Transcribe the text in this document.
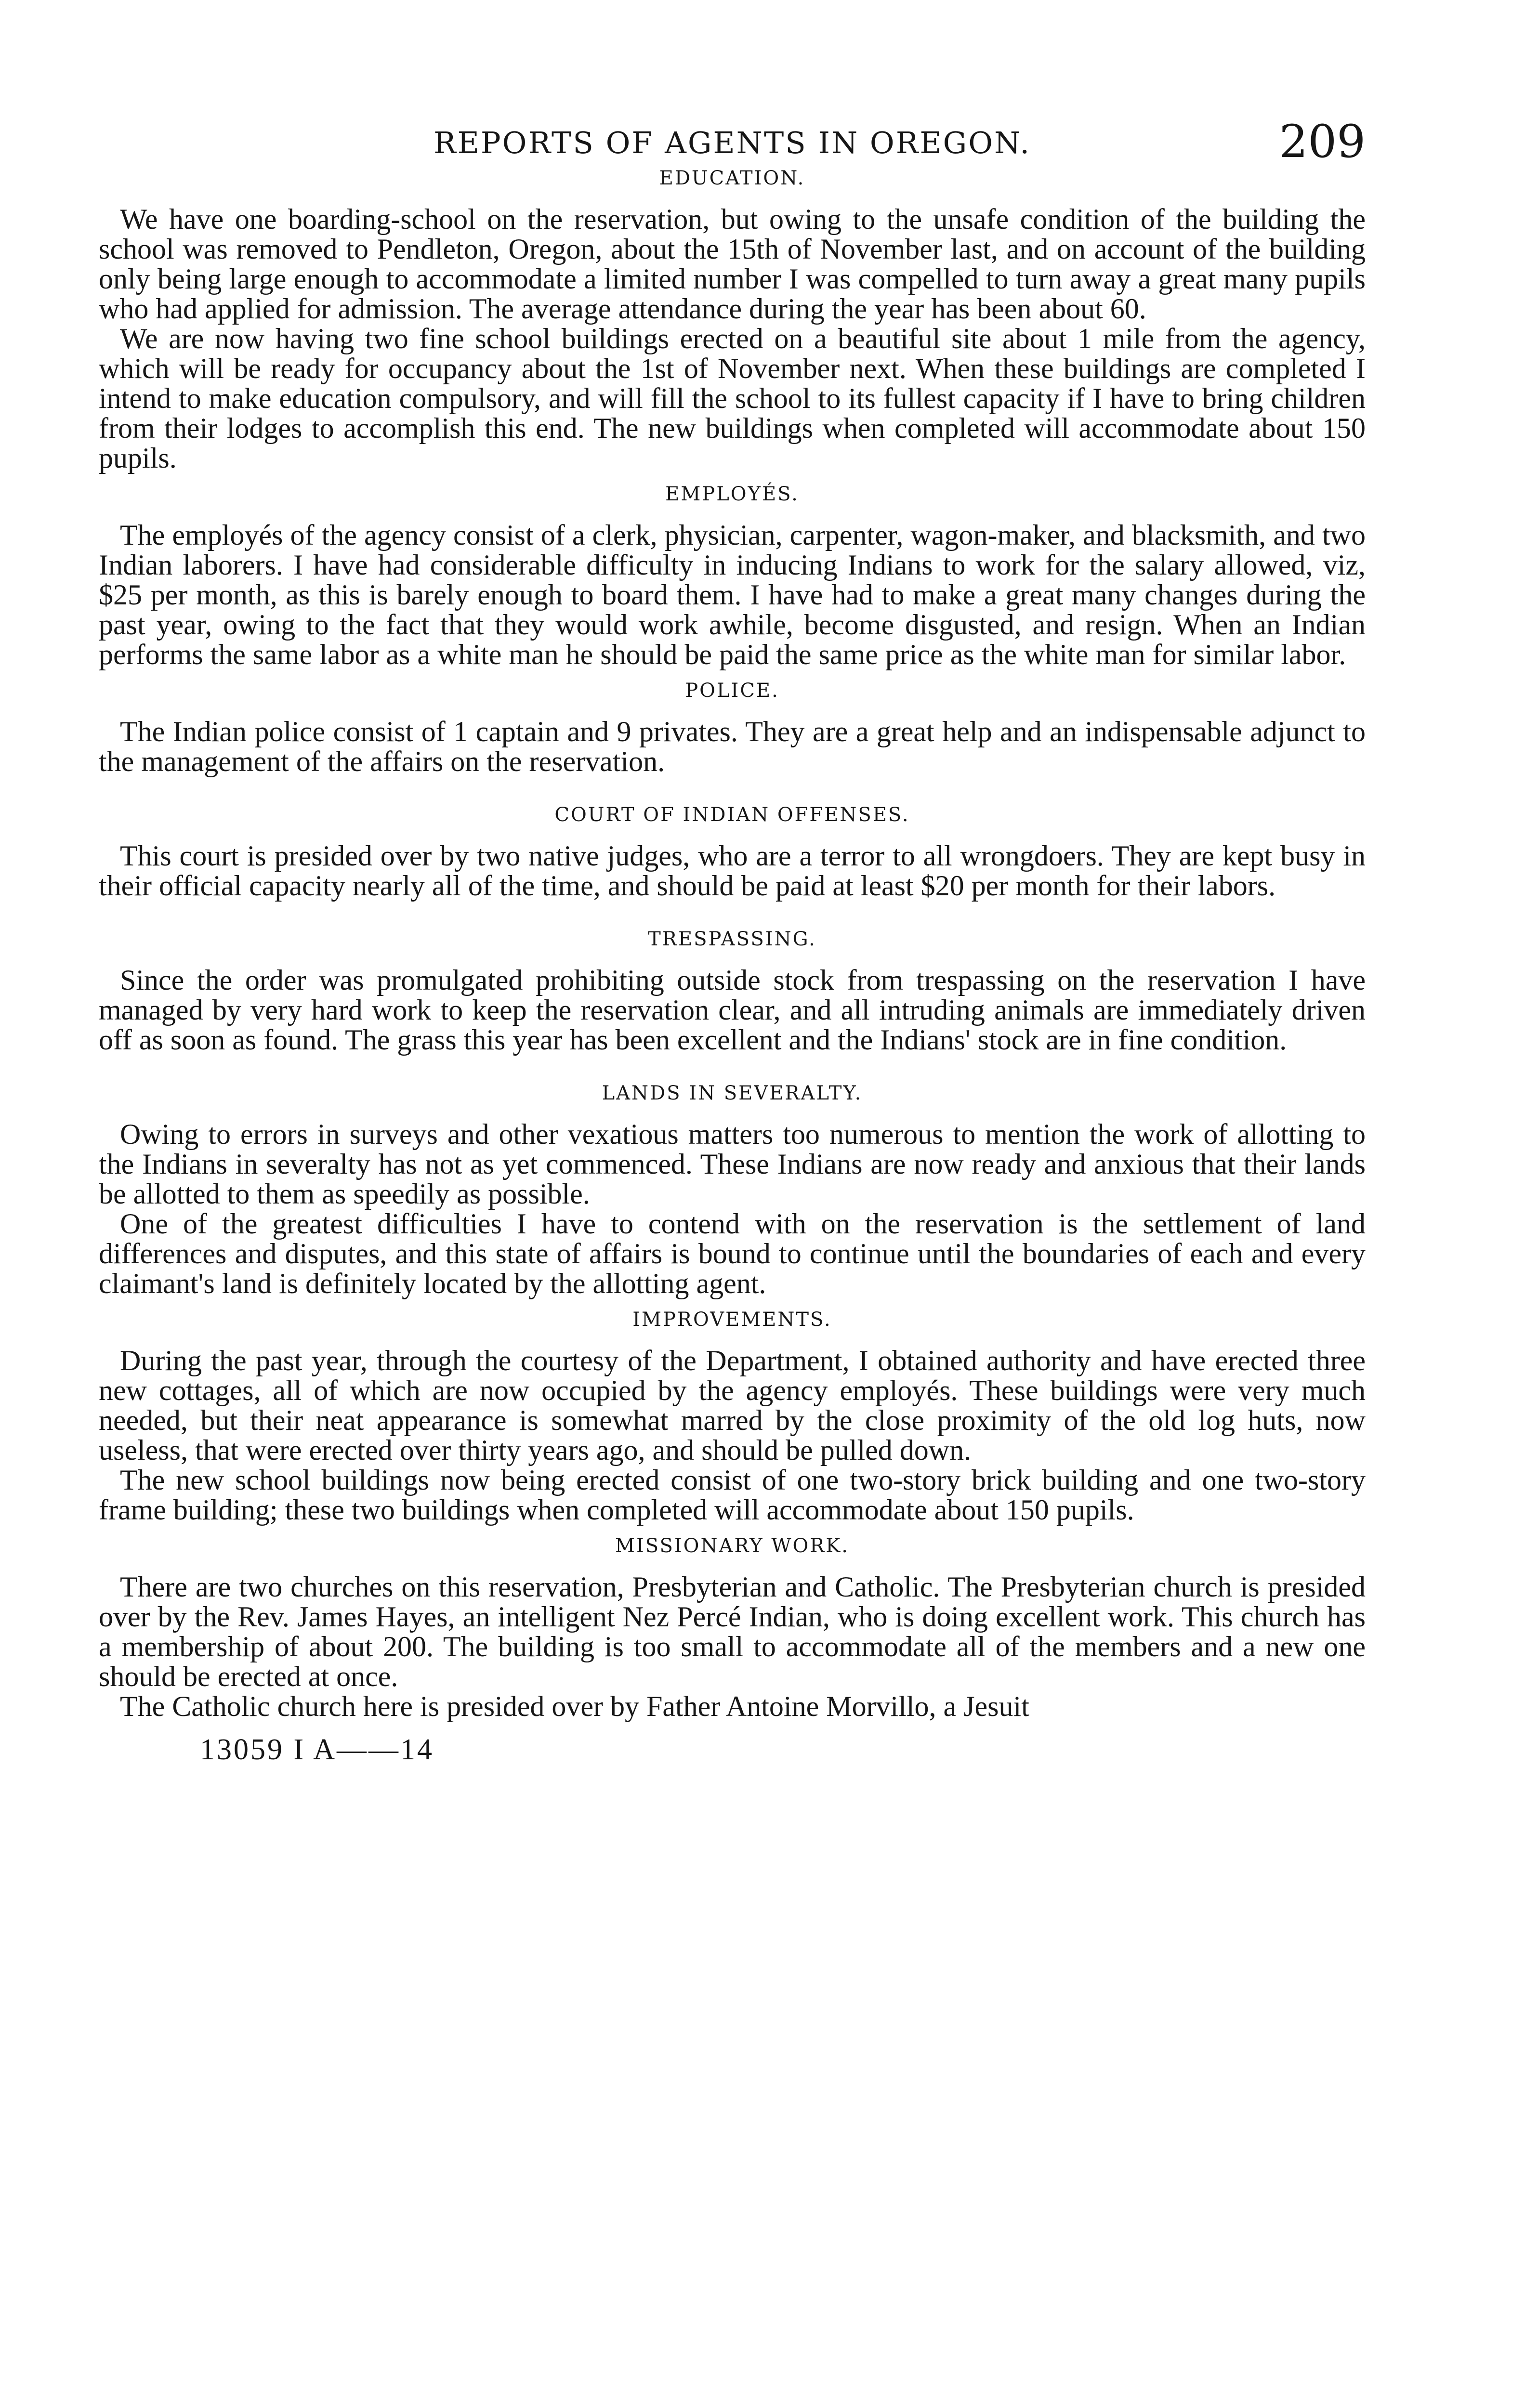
REPORTS OF AGENTS IN OREGON.	209
EDUCATION.

We have one boarding-school on the reservation, but owing to the unsafe condition of the building the school was removed to Pendleton, Oregon, about the 15th of November last, and on account of the building only being large enough to accommodate a limited number I was compelled to turn away a great many pupils who had applied for admission. The average attendance during the year has been about 60.

We are now having two fine school buildings erected on a beautiful site about 1 mile from the agency, which will be ready for occupancy about the 1st of November next. When these buildings are completed I intend to make education compulsory, and will fill the school to its fullest capacity if I have to bring children from their lodges to accomplish this end. The new buildings when completed will accommodate about 150 pupils.

EMPLOYÉS.

The employés of the agency consist of a clerk, physician, carpenter, wagon-maker, and blacksmith, and two Indian laborers. I have had considerable difficulty in inducing Indians to work for the salary allowed, viz, $25 per month, as this is barely enough to board them. I have had to make a great many changes during the past year, owing to the fact that they would work awhile, become disgusted, and resign. When an Indian performs the same labor as a white man he should be paid the same price as the white man for similar labor.

POLICE.

The Indian police consist of 1 captain and 9 privates. They are a great help and an indispensable adjunct to the management of the affairs on the reservation.

COURT OF INDIAN OFFENSES.

This court is presided over by two native judges, who are a terror to all wrongdoers. They are kept busy in their official capacity nearly all of the time, and should be paid at least $20 per month for their labors.

TRESPASSING.

Since the order was promulgated prohibiting outside stock from trespassing on the reservation I have managed by very hard work to keep the reservation clear, and all intruding animals are immediately driven off as soon as found. The grass this year has been excellent and the Indians' stock are in fine condition.

LANDS IN SEVERALTY.

Owing to errors in surveys and other vexatious matters too numerous to mention the work of allotting to the Indians in severalty has not as yet commenced. These Indians are now ready and anxious that their lands be allotted to them as speedily as possible.

One of the greatest difficulties I have to contend with on the reservation is the settlement of land differences and disputes, and this state of affairs is bound to continue until the boundaries of each and every claimant's land is definitely located by the allotting agent.

IMPROVEMENTS.

During the past year, through the courtesy of the Department, I obtained authority and have erected three new cottages, all of which are now occupied by the agency employés. These buildings were very much needed, but their neat appearance is somewhat marred by the close proximity of the old log huts, now useless, that were erected over thirty years ago, and should be pulled down.

The new school buildings now being erected consist of one two-story brick building and one two-story frame building; these two buildings when completed will accommodate about 150 pupils.

MISSIONARY WORK.

There are two churches on this reservation, Presbyterian and Catholic. The Presbyterian church is presided over by the Rev. James Hayes, an intelligent Nez Percé Indian, who is doing excellent work. This church has a membership of about 200. The building is too small to accommodate all of the members and a new one should be erected at once.

The Catholic church here is presided over by Father Antoine Morvillo, a Jesuit

13059 I A——14
